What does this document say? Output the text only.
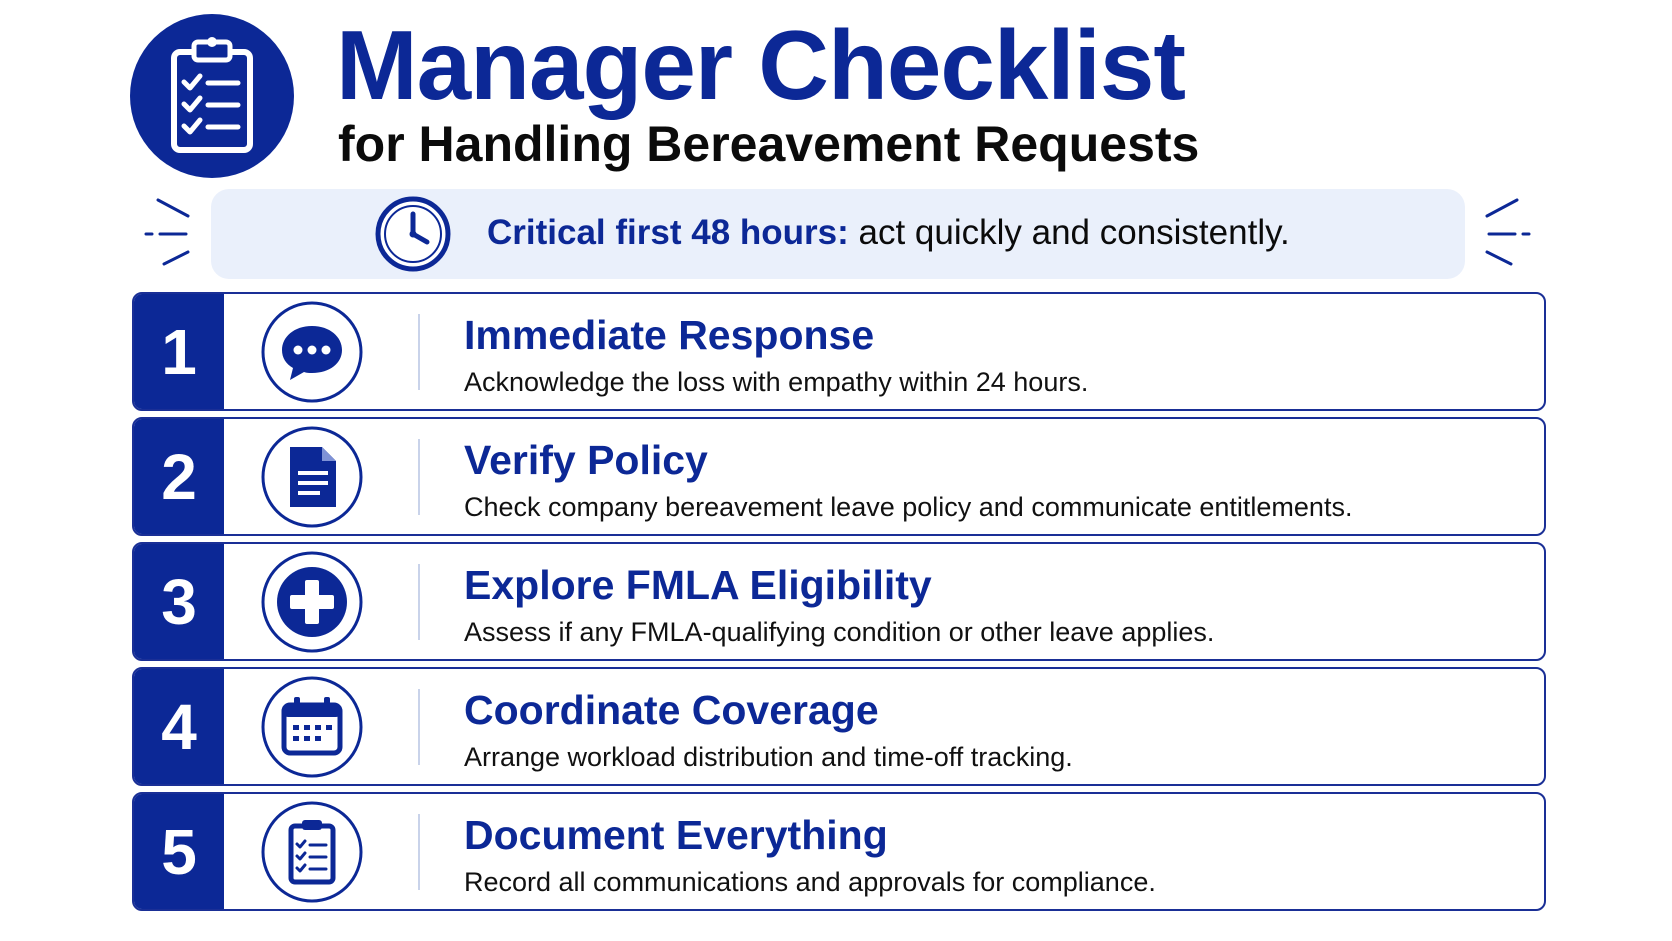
Manager Checklist
for Handling Bereavement Requests
Critical first 48 hours: act quickly and consistently.
1	Immediate Response
Acknowledge the loss with empathy within 24 hours.
2	Verify Policy
Check company bereavement leave policy and communicate entitlements.
3	Explore FMLA Eligibility
Assess if any FMLA-qualifying condition or other leave applies.
4	Coordinate Coverage
Arrange workload distribution and time-off tracking.
5	Document Everything
Record all communications and approvals for compliance.
